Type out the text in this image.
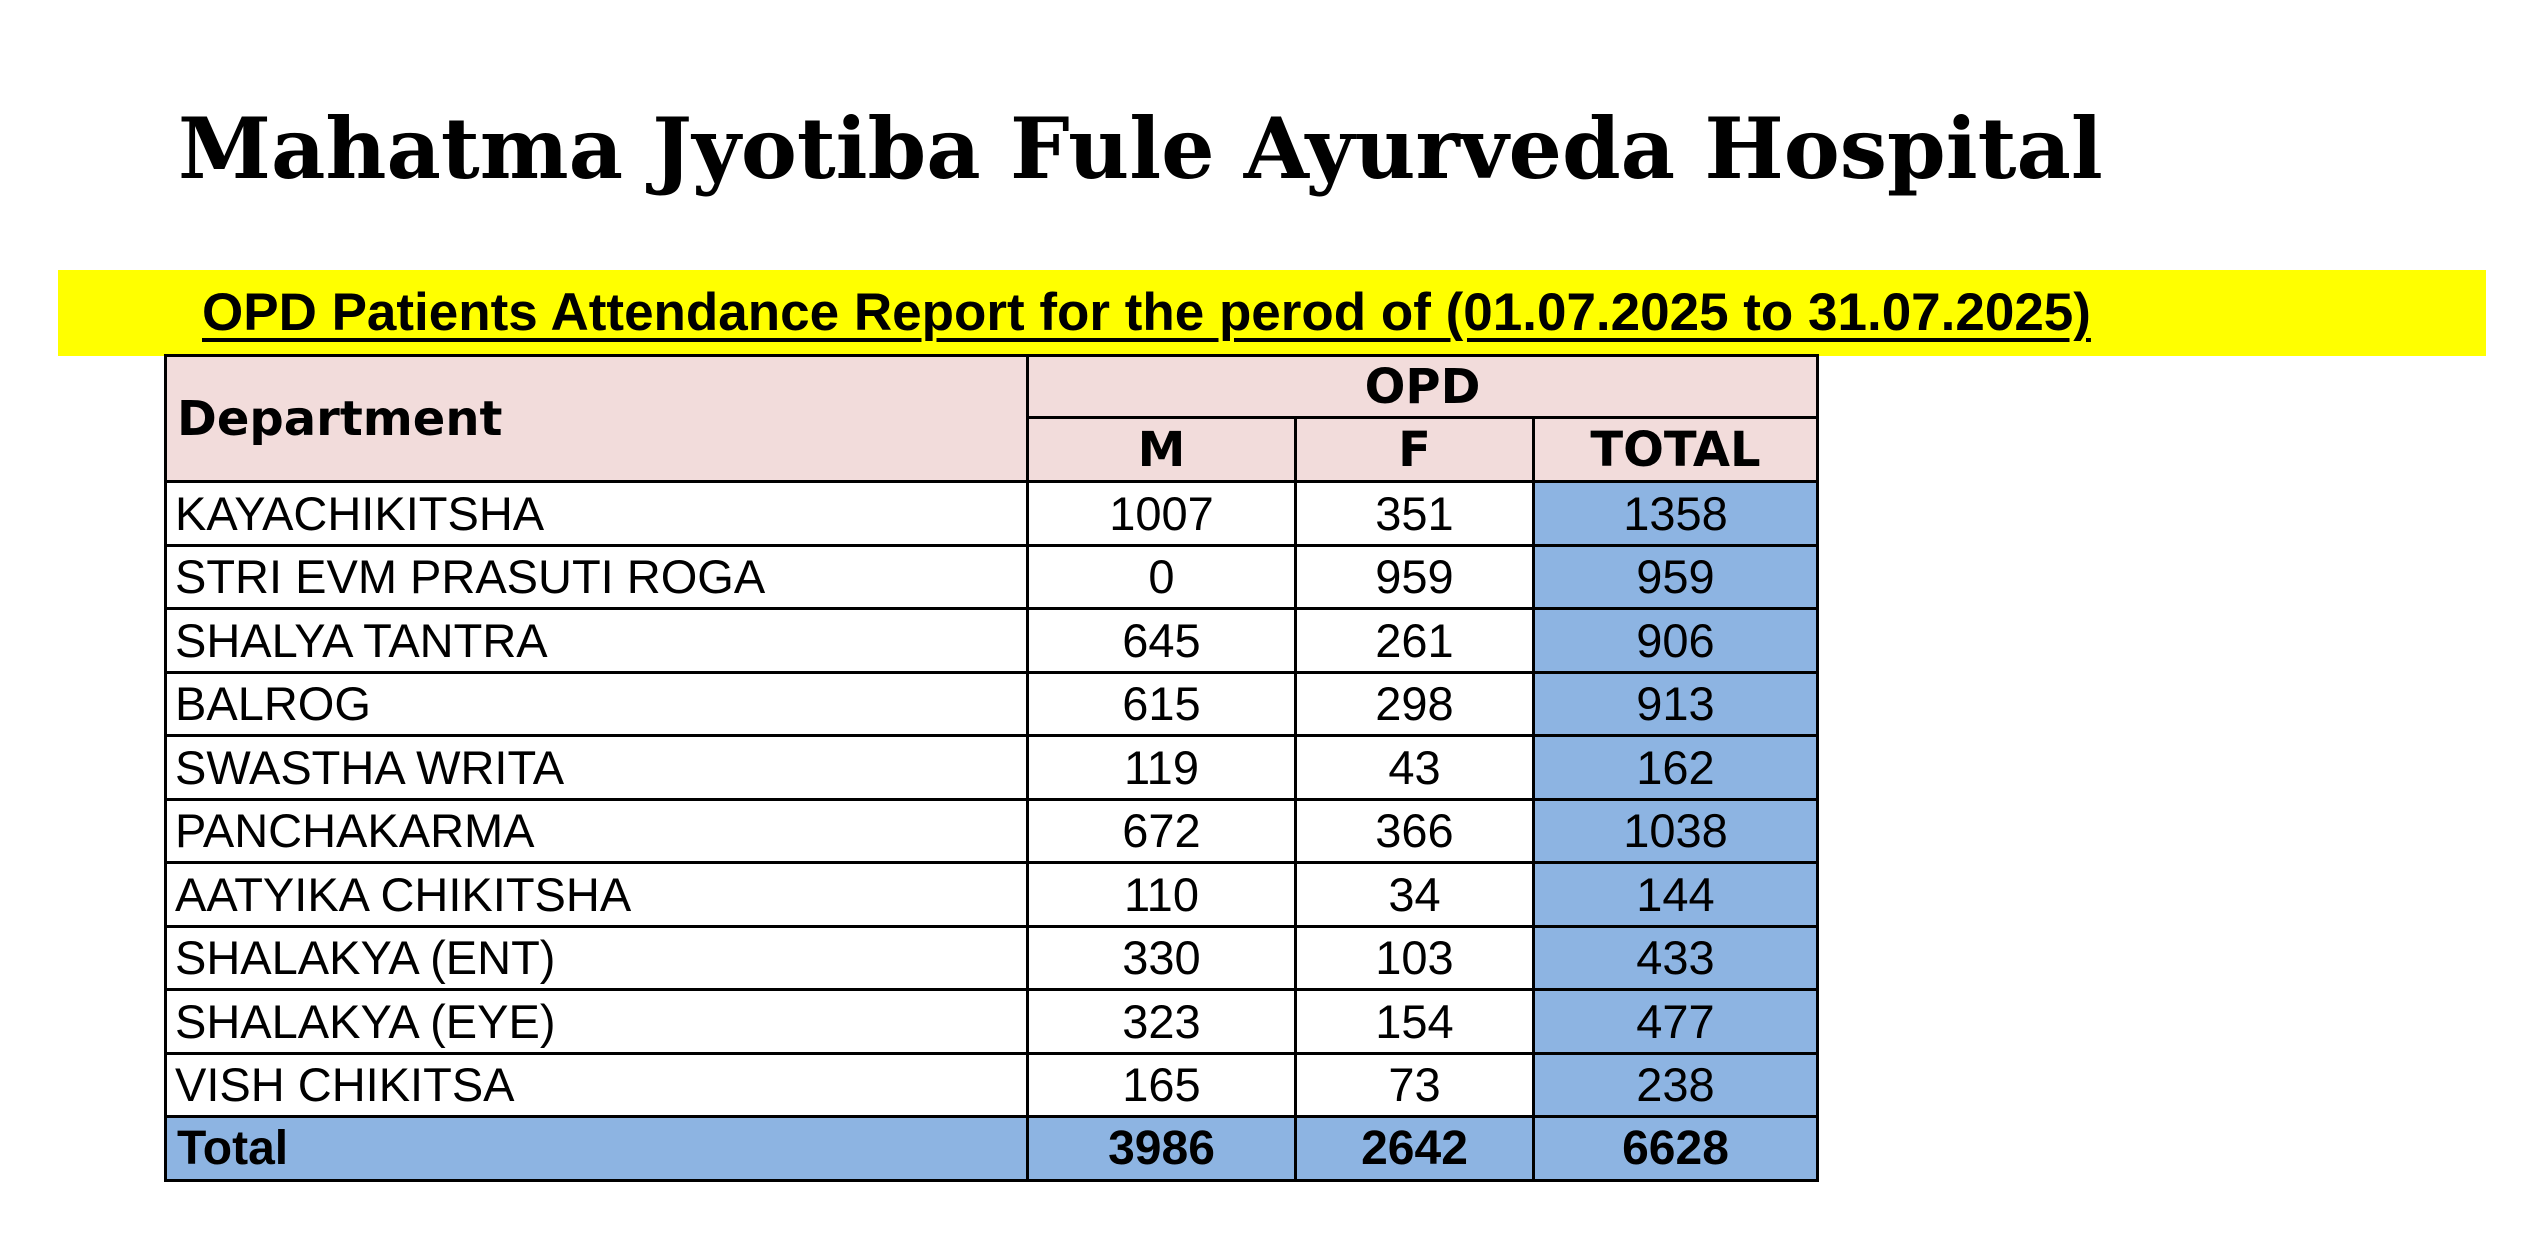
Mahatma Jyotiba Fule Ayurveda Hospital
OPD Patients Attendance Report for the perod of (01.07.2025 to 31.07.2025)
Department	OPD		
	M	F	TOTAL
KAYACHIKITSHA	1007	351	1358
STRI EVM PRASUTI ROGA	0	959	959
SHALYA TANTRA	645	261	906
BALROG	615	298	913
SWASTHA WRITA	119	43	162
PANCHAKARMA	672	366	1038
AATYIKA CHIKITSHA	110	34	144
SHALAKYA (ENT)	330	103	433
SHALAKYA (EYE)	323	154	477
VISH CHIKITSA	165	73	238
Total	3986	2642	6628
